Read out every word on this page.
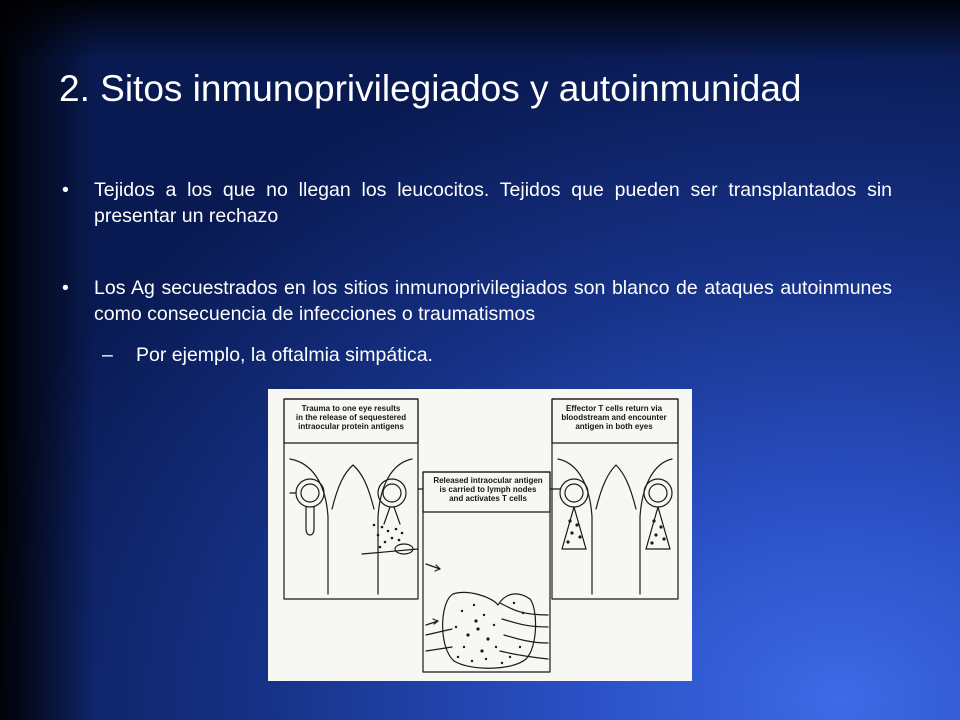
2. Sitos inmunoprivilegiados y autoinmunidad
• Tejidos a los que no llegan los leucocitos. Tejidos que pueden ser transplantados sin presentar un rechazo
• Los Ag secuestrados en los sitios inmunoprivilegiados son blanco de ataques autoinmunes como consecuencia de infecciones o traumatismos
– Por ejemplo, la oftalmia simpática.

Trauma to one eye results
in the release of sequestered
intraocular protein antigens

Released intraocular antigen
is carried to lymph nodes
and activates T cells

Effector T cells return via
bloodstream and encounter
antigen in both eyes
